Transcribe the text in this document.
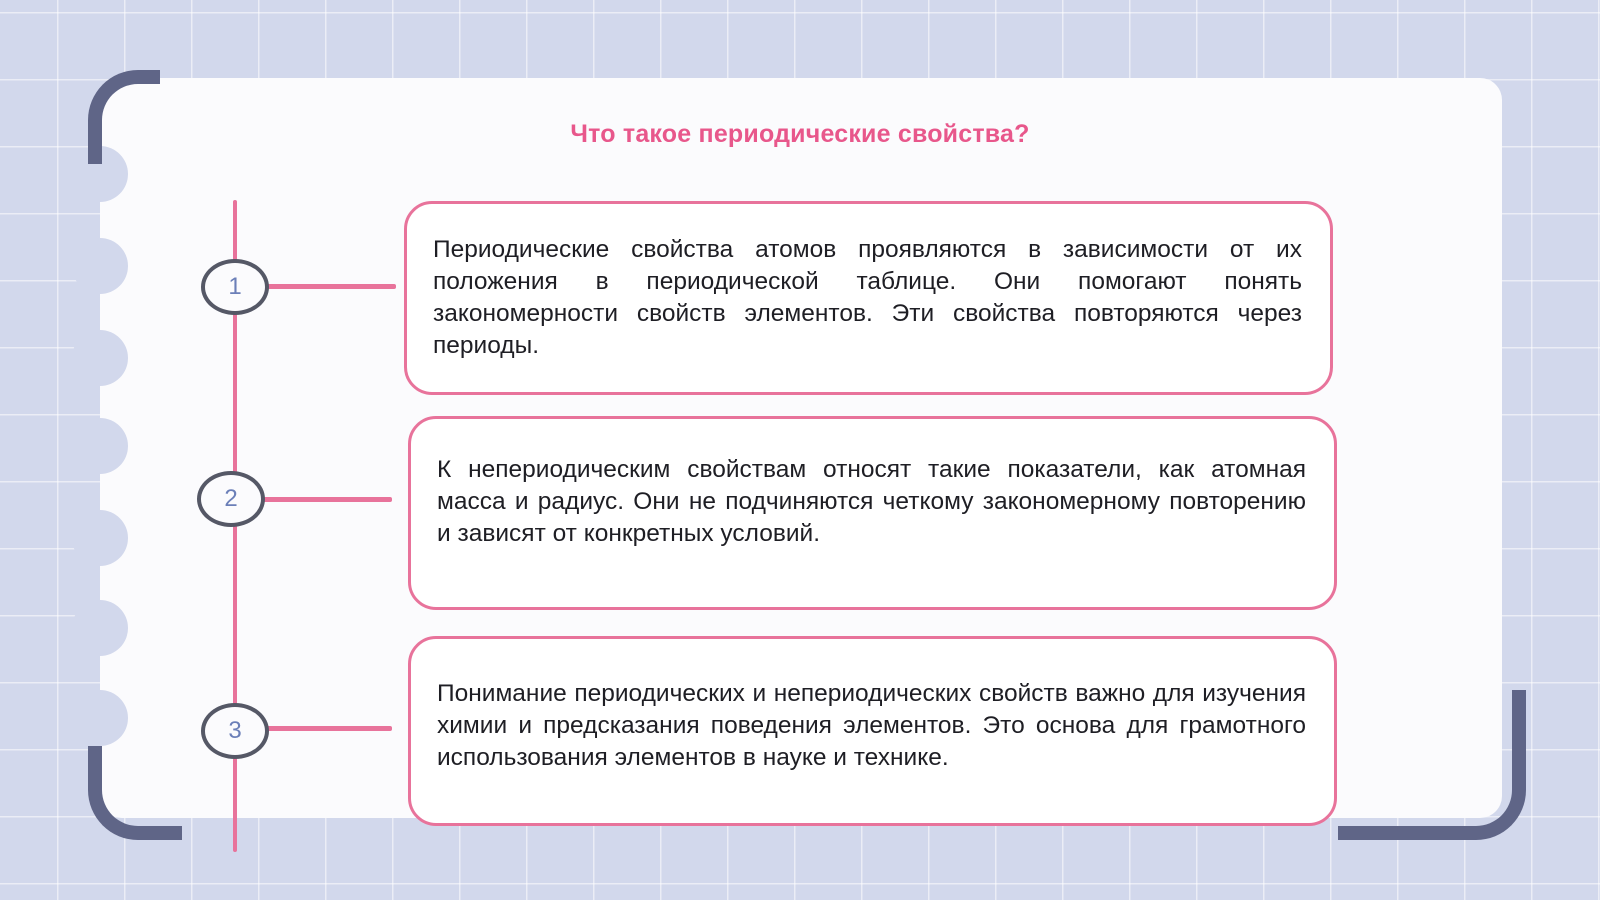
Что такое периодические свойства?
1

Периодические свойства атомов проявляются в зависимости от их положения в периодической таблице. Они помогают понять закономерности свойств элементов. Эти свойства повторяются через периоды.

2

К непериодическим свойствам относят такие показатели, как атомная масса и радиус. Они не подчиняются четкому закономерному повторению и зависят от конкретных условий.

3

Понимание периодических и непериодических свойств важно для изучения химии и предсказания поведения элементов. Это основа для грамотного использования элементов в науке и технике.
